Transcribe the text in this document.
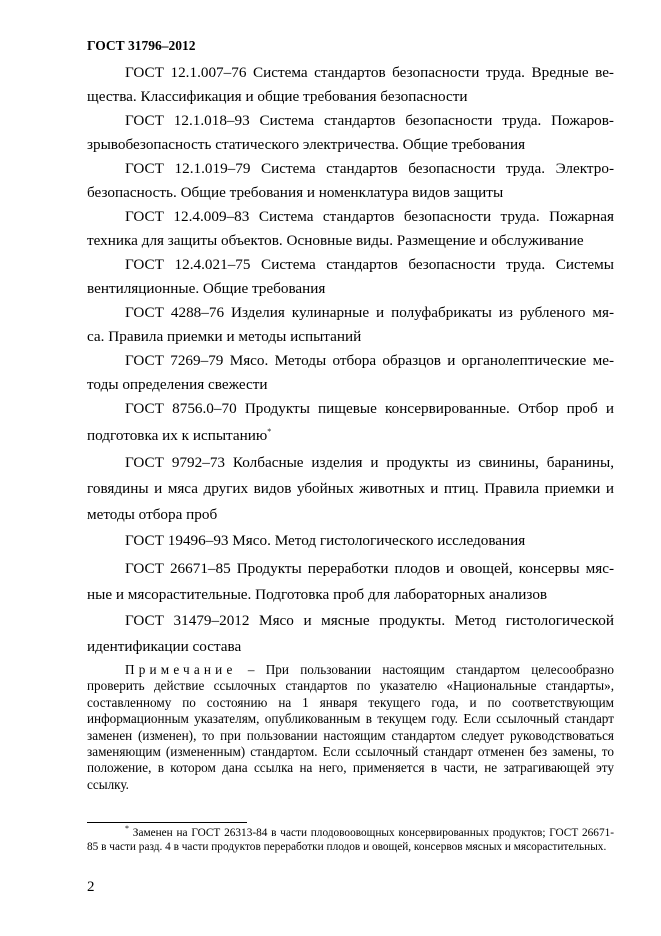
ГОСТ 31796–2012
ГОСТ 12.1.007–76 Система стандартов безопасности труда. Вредные ве-
щества. Классификация и общие требования безопасности
ГОСТ 12.1.018–93 Система стандартов безопасности труда. Пожаров-
зрывобезопасность статического электричества. Общие требования
ГОСТ 12.1.019–79 Система стандартов безопасности труда. Электро-
безопасность. Общие требования и номенклатура видов защиты
ГОСТ 12.4.009–83 Система стандартов безопасности труда. Пожарная
техника для защиты объектов. Основные виды. Размещение и обслуживание
ГОСТ 12.4.021–75 Система стандартов безопасности труда. Системы
вентиляционные. Общие требования
ГОСТ 4288–76 Изделия кулинарные и полуфабрикаты из рубленого мя-
са. Правила приемки и методы испытаний
ГОСТ 7269–79 Мясо. Методы отбора образцов и органолептические ме-
тоды определения свежести
ГОСТ 8756.0–70 Продукты пищевые консервированные. Отбор проб и
подготовка их к испытанию*
ГОСТ 9792–73 Колбасные изделия и продукты из свинины, баранины,
говядины и мяса других видов убойных животных и птиц. Правила приемки и
методы отбора проб
ГОСТ 19496–93 Мясо. Метод гистологического исследования
ГОСТ 26671–85 Продукты переработки плодов и овощей, консервы мяс-
ные и мясорастительные. Подготовка проб для лабораторных анализов
ГОСТ 31479–2012 Мясо и мясные продукты. Метод гистологической
идентификации состава
Примечание – При пользовании настоящим стандартом целесообразно проверить действие ссылочных стандартов по указателю «Национальные стандарты», составленному по состоянию на 1 января текущего года, и по соответствующим информационным указателям, опубликованным в текущем году. Если ссылочный стандарт заменен (изменен), то при пользовании настоящим стандартом следует руководствоваться заменяющим (измененным) стандартом. Если ссылочный стандарт отменен без замены, то положение, в котором дана ссылка на него, применяется в части, не затрагивающей эту ссылку.
* Заменен на ГОСТ 26313-84 в части плодовоовощных консервированных продуктов; ГОСТ 26671-85 в части разд. 4 в части продуктов переработки плодов и овощей, консервов мясных и мясорастительных.
2
